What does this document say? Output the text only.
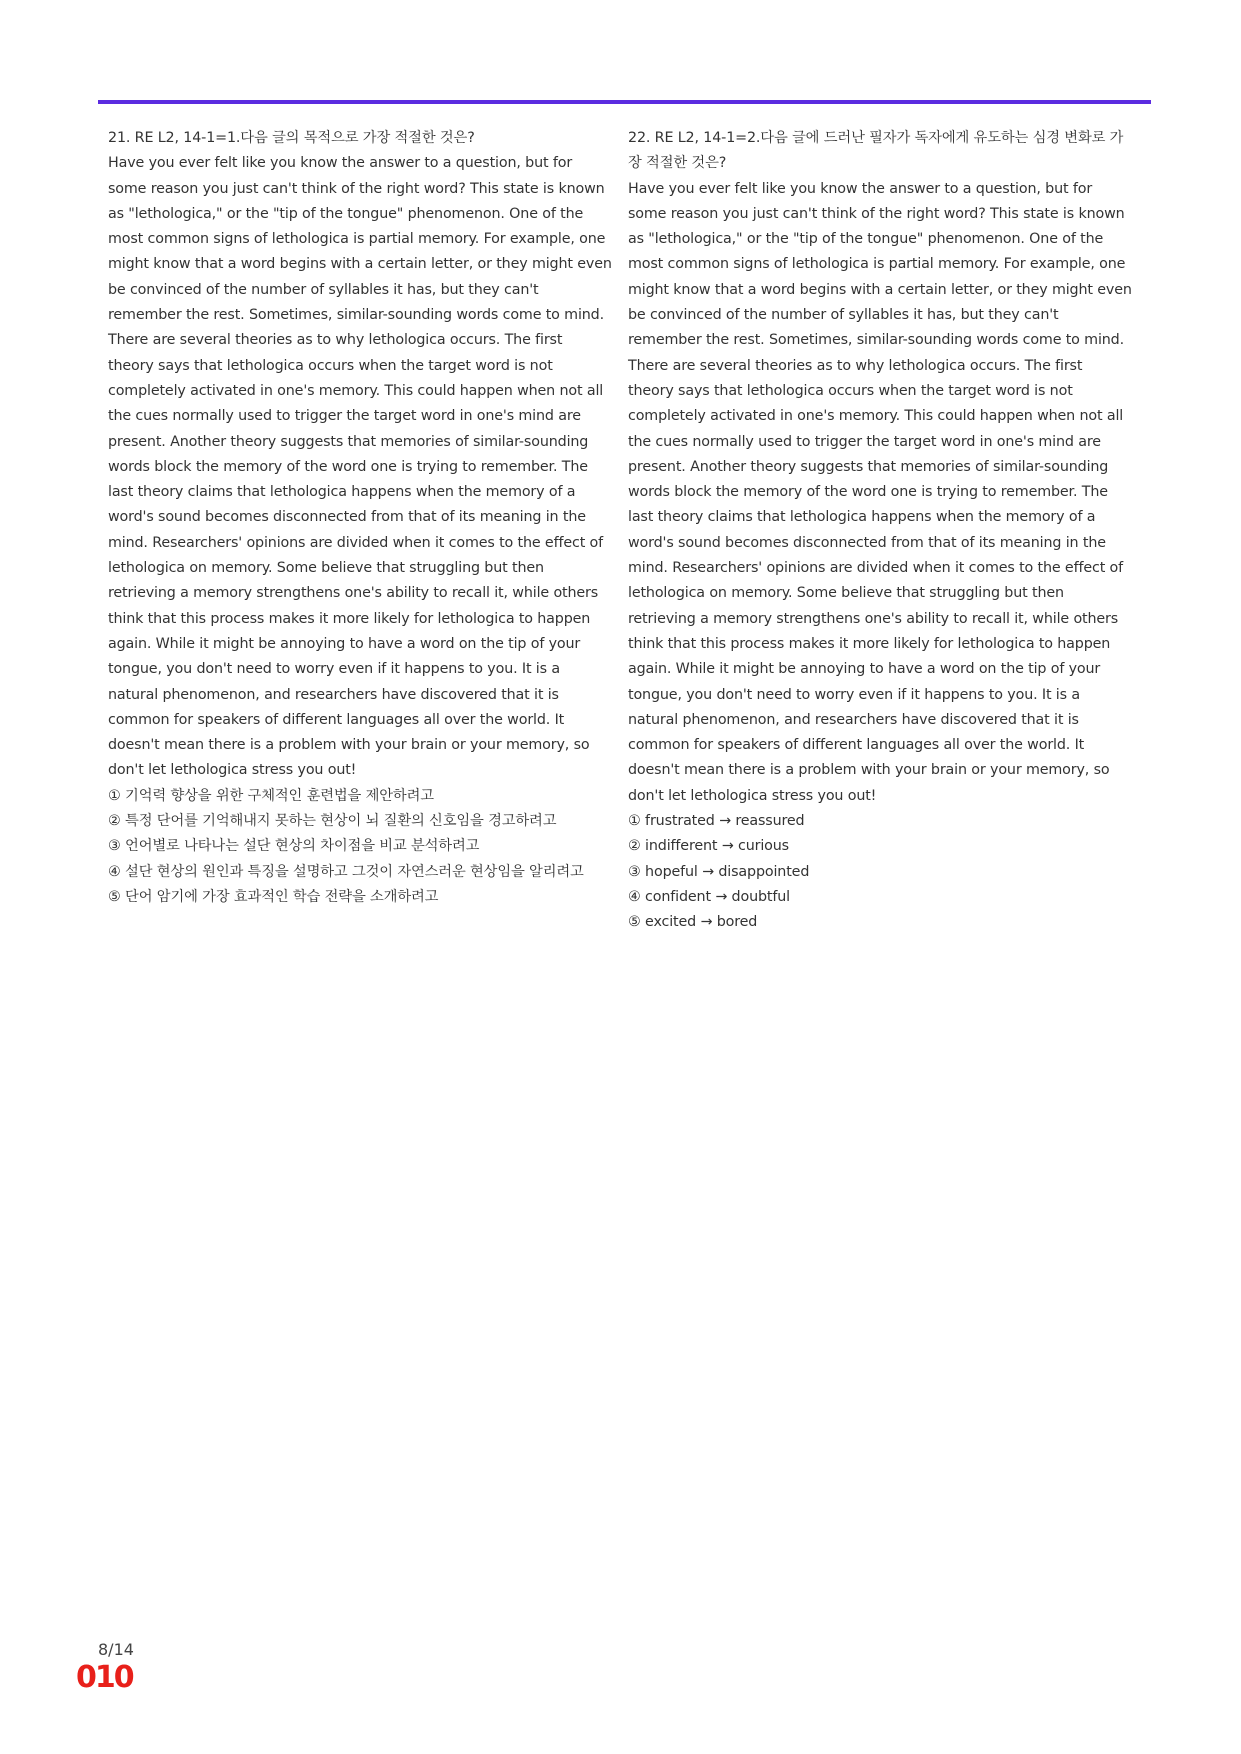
21. RE L2, 14-1=1.다음 글의 목적으로 가장 적절한 것은?

Have you ever felt like you know the answer to a question, but for some reason you just can't think of the right word? This state is known as "lethologica," or the "tip of the tongue" phenomenon. One of the most common signs of lethologica is partial memory. For example, one might know that a word begins with a certain letter, or they might even be convinced of the number of syllables it has, but they can't remember the rest. Sometimes, similar-sounding words come to mind. There are several theories as to why lethologica occurs. The first theory says that lethologica occurs when the target word is not completely activated in one's memory. This could happen when not all the cues normally used to trigger the target word in one's mind are present. Another theory suggests that memories of similar-sounding words block the memory of the word one is trying to remember. The last theory claims that lethologica happens when the memory of a word's sound becomes disconnected from that of its meaning in the mind. Researchers' opinions are divided when it comes to the effect of lethologica on memory. Some believe that struggling but then retrieving a memory strengthens one's ability to recall it, while others think that this process makes it more likely for lethologica to happen again. While it might be annoying to have a word on the tip of your tongue, you don't need to worry even if it happens to you. It is a natural phenomenon, and researchers have discovered that it is common for speakers of different languages all over the world. It doesn't mean there is a problem with your brain or your memory, so don't let lethologica stress you out!

① 기억력 향상을 위한 구체적인 훈련법을 제안하려고
② 특정 단어를 기억해내지 못하는 현상이 뇌 질환의 신호임을 경고하려고
③ 언어별로 나타나는 설단 현상의 차이점을 비교 분석하려고
④ 설단 현상의 원인과 특징을 설명하고 그것이 자연스러운 현상임을 알리려고
⑤ 단어 암기에 가장 효과적인 학습 전략을 소개하려고

22. RE L2, 14-1=2.다음 글에 드러난 필자가 독자에게 유도하는 심경 변화로 가장 적절한 것은?

Have you ever felt like you know the answer to a question, but for some reason you just can't think of the right word? This state is known as "lethologica," or the "tip of the tongue" phenomenon. One of the most common signs of lethologica is partial memory. For example, one might know that a word begins with a certain letter, or they might even be convinced of the number of syllables it has, but they can't remember the rest. Sometimes, similar-sounding words come to mind. There are several theories as to why lethologica occurs. The first theory says that lethologica occurs when the target word is not completely activated in one's memory. This could happen when not all the cues normally used to trigger the target word in one's mind are present. Another theory suggests that memories of similar-sounding words block the memory of the word one is trying to remember. The last theory claims that lethologica happens when the memory of a word's sound becomes disconnected from that of its meaning in the mind. Researchers' opinions are divided when it comes to the effect of lethologica on memory. Some believe that struggling but then retrieving a memory strengthens one's ability to recall it, while others think that this process makes it more likely for lethologica to happen again. While it might be annoying to have a word on the tip of your tongue, you don't need to worry even if it happens to you. It is a natural phenomenon, and researchers have discovered that it is common for speakers of different languages all over the world. It doesn't mean there is a problem with your brain or your memory, so don't let lethologica stress you out!

① frustrated → reassured
② indifferent → curious
③ hopeful → disappointed
④ confident → doubtful
⑤ excited → bored
8/14
010
